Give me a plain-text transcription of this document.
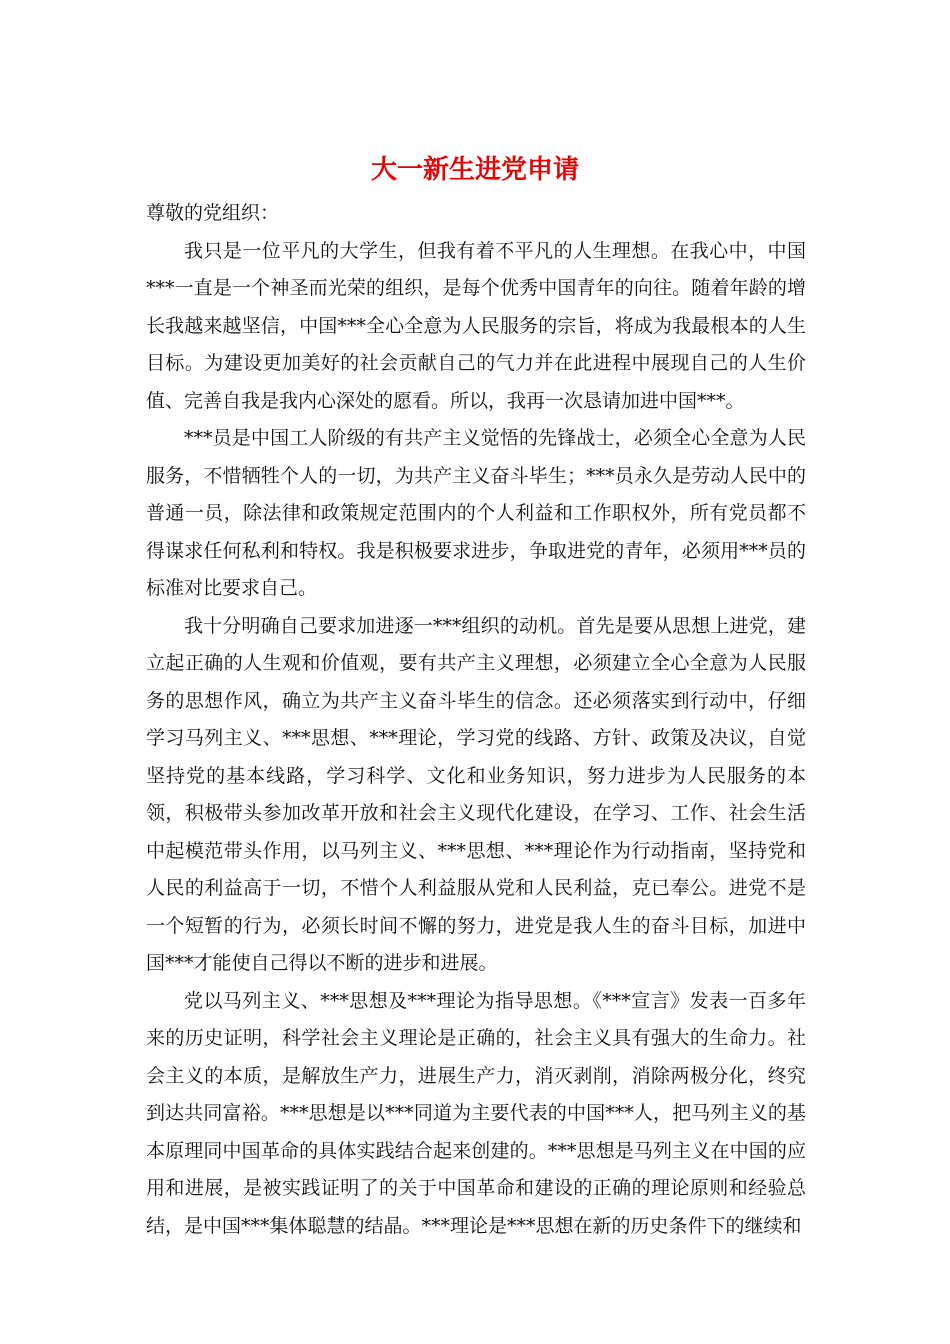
大一新生进党申请

尊敬的党组织：

我只是一位平凡的大学生，但我有着不平凡的人生理想。在我心中，中国***一直是一个神圣而光荣的组织，是每个优秀中国青年的向往。随着年龄的增长我越来越坚信，中国***全心全意为人民服务的宗旨，将成为我最根本的人生目标。为建设更加美好的社会贡献自己的气力并在此进程中展现自己的人生价值、完善自我是我内心深处的愿看。所以，我再一次恳请加进中国***。

***员是中国工人阶级的有共产主义觉悟的先锋战士，必须全心全意为人民服务，不惜牺牲个人的一切，为共产主义奋斗毕生；***员永久是劳动人民中的普通一员，除法律和政策规定范围内的个人利益和工作职权外，所有党员都不得谋求任何私利和特权。我是积极要求进步，争取进党的青年，必须用***员的标准对比要求自己。

我十分明确自己要求加进逐一***组织的动机。首先是要从思想上进党，建立起正确的人生观和价值观，要有共产主义理想，必须建立全心全意为人民服务的思想作风，确立为共产主义奋斗毕生的信念。还必须落实到行动中，仔细学习马列主义、***思想、***理论，学习党的线路、方针、政策及决议，自觉坚持党的基本线路，学习科学、文化和业务知识，努力进步为人民服务的本领，积极带头参加改革开放和社会主义现代化建设，在学习、工作、社会生活中起模范带头作用，以马列主义、***思想、***理论作为行动指南，坚持党和人民的利益高于一切，不惜个人利益服从党和人民利益，克已奉公。进党不是一个短暂的行为，必须长时间不懈的努力，进党是我人生的奋斗目标，加进中国***才能使自己得以不断的进步和进展。

党以马列主义、***思想及***理论为指导思想。《***宣言》发表一百多年来的历史证明，科学社会主义理论是正确的，社会主义具有强大的生命力。社会主义的本质，是解放生产力，进展生产力，消灭剥削，消除两极分化，终究到达共同富裕。***思想是以***同道为主要代表的中国***人，把马列主义的基本原理同中国革命的具体实践结合起来创建的。***思想是马列主义在中国的应用和进展，是被实践证明了的关于中国革命和建设的正确的理论原则和经验总结，是中国***集体聪慧的结晶。***理论是***思想在新的历史条件下的继续和
